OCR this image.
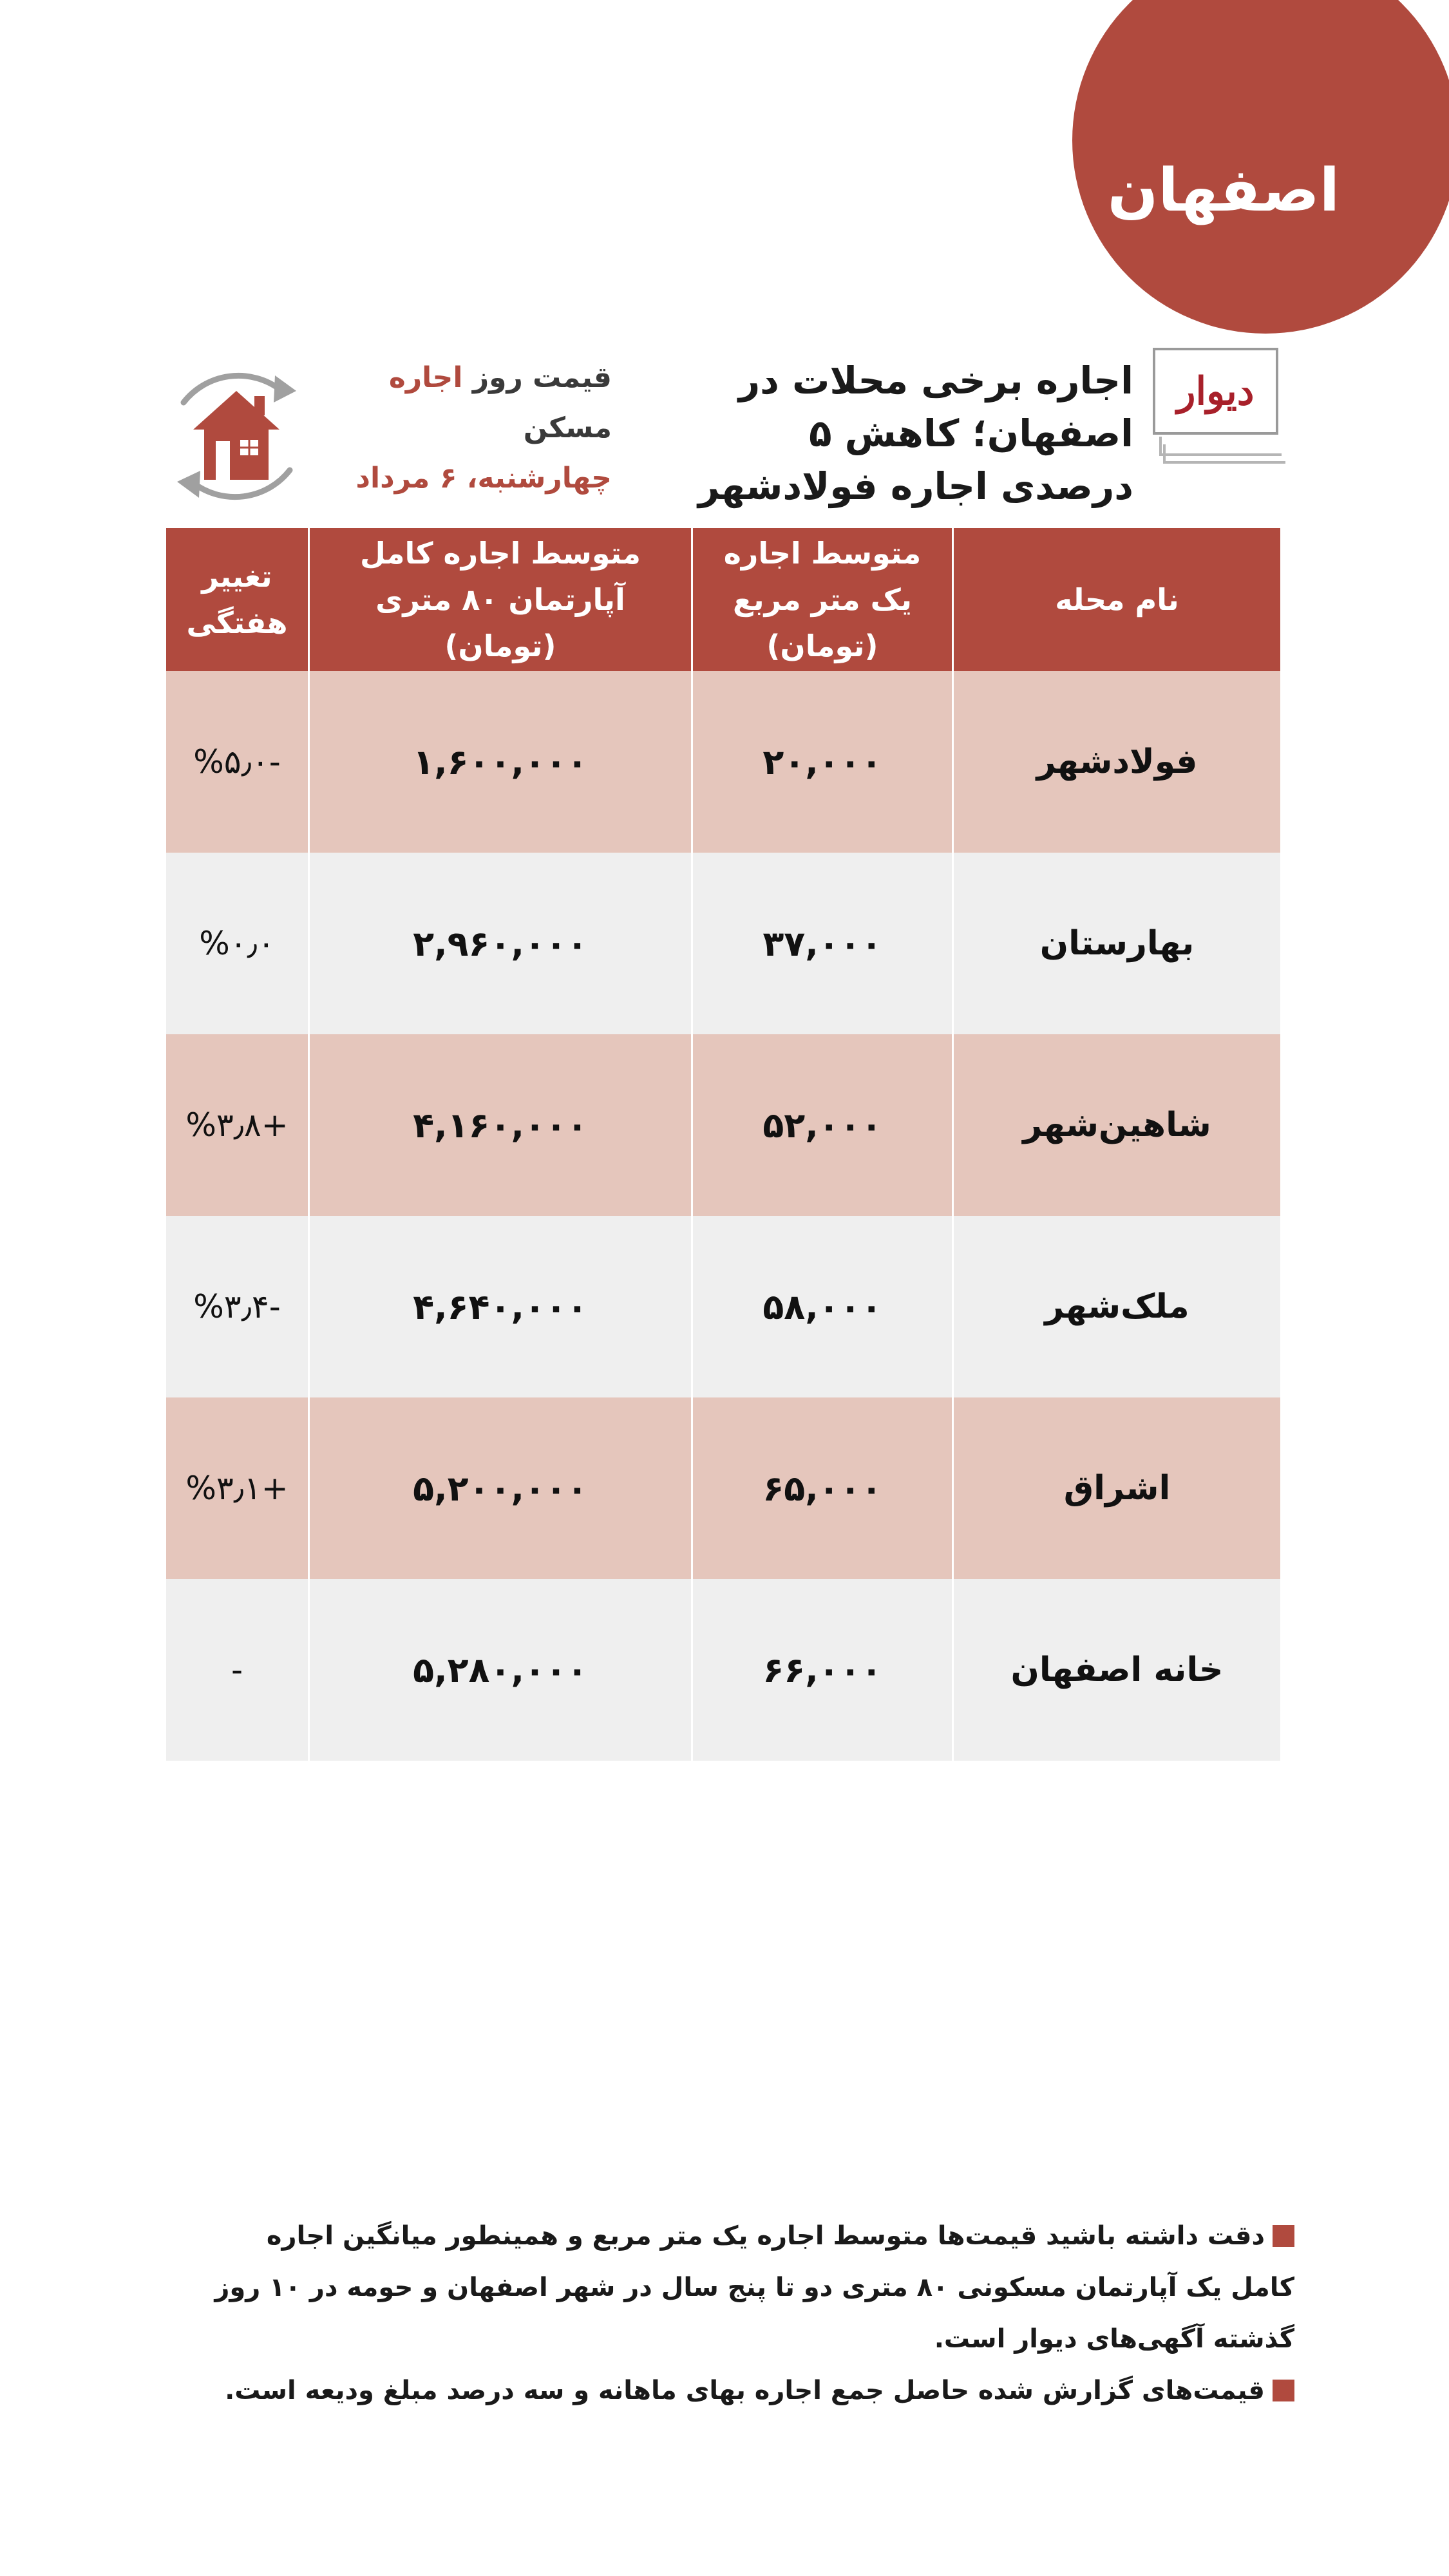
اصفهان
دیوار
اجاره برخی محلات در اصفهان؛ کاهش ۵ درصدی اجاره فولادشهر
قیمت روز اجاره مسکن
چهارشنبه، ۶ مرداد
نام محله
متوسط اجاره یک متر مربع (تومان)
متوسط اجاره کامل آپارتمان ۸۰ متری (تومان)
تغییر هفتگی
فولادشهر
۲۰,۰۰۰
۱,۶۰۰,۰۰۰
-%۵٫۰
بهارستان
۳۷,۰۰۰
۲,۹۶۰,۰۰۰
%۰٫۰
شاهین‌شهر
۵۲,۰۰۰
۴,۱۶۰,۰۰۰
+%۳٫۸
ملک‌شهر
۵۸,۰۰۰
۴,۶۴۰,۰۰۰
-%۳٫۴
اشراق
۶۵,۰۰۰
۵,۲۰۰,۰۰۰
+%۳٫۱
خانه اصفهان
۶۶,۰۰۰
۵,۲۸۰,۰۰۰
-
دقت داشته باشید قیمت‌ها متوسط اجاره یک متر مربع و همینطور میانگین اجاره کامل یک آپارتمان مسکونی ۸۰ متری دو تا پنج سال در شهر اصفهان و حومه در ۱۰ روز گذشته آگهی‌های دیوار است.
قیمت‌های گزارش شده حاصل جمع اجاره بهای ماهانه و سه درصد مبلغ ودیعه است.
